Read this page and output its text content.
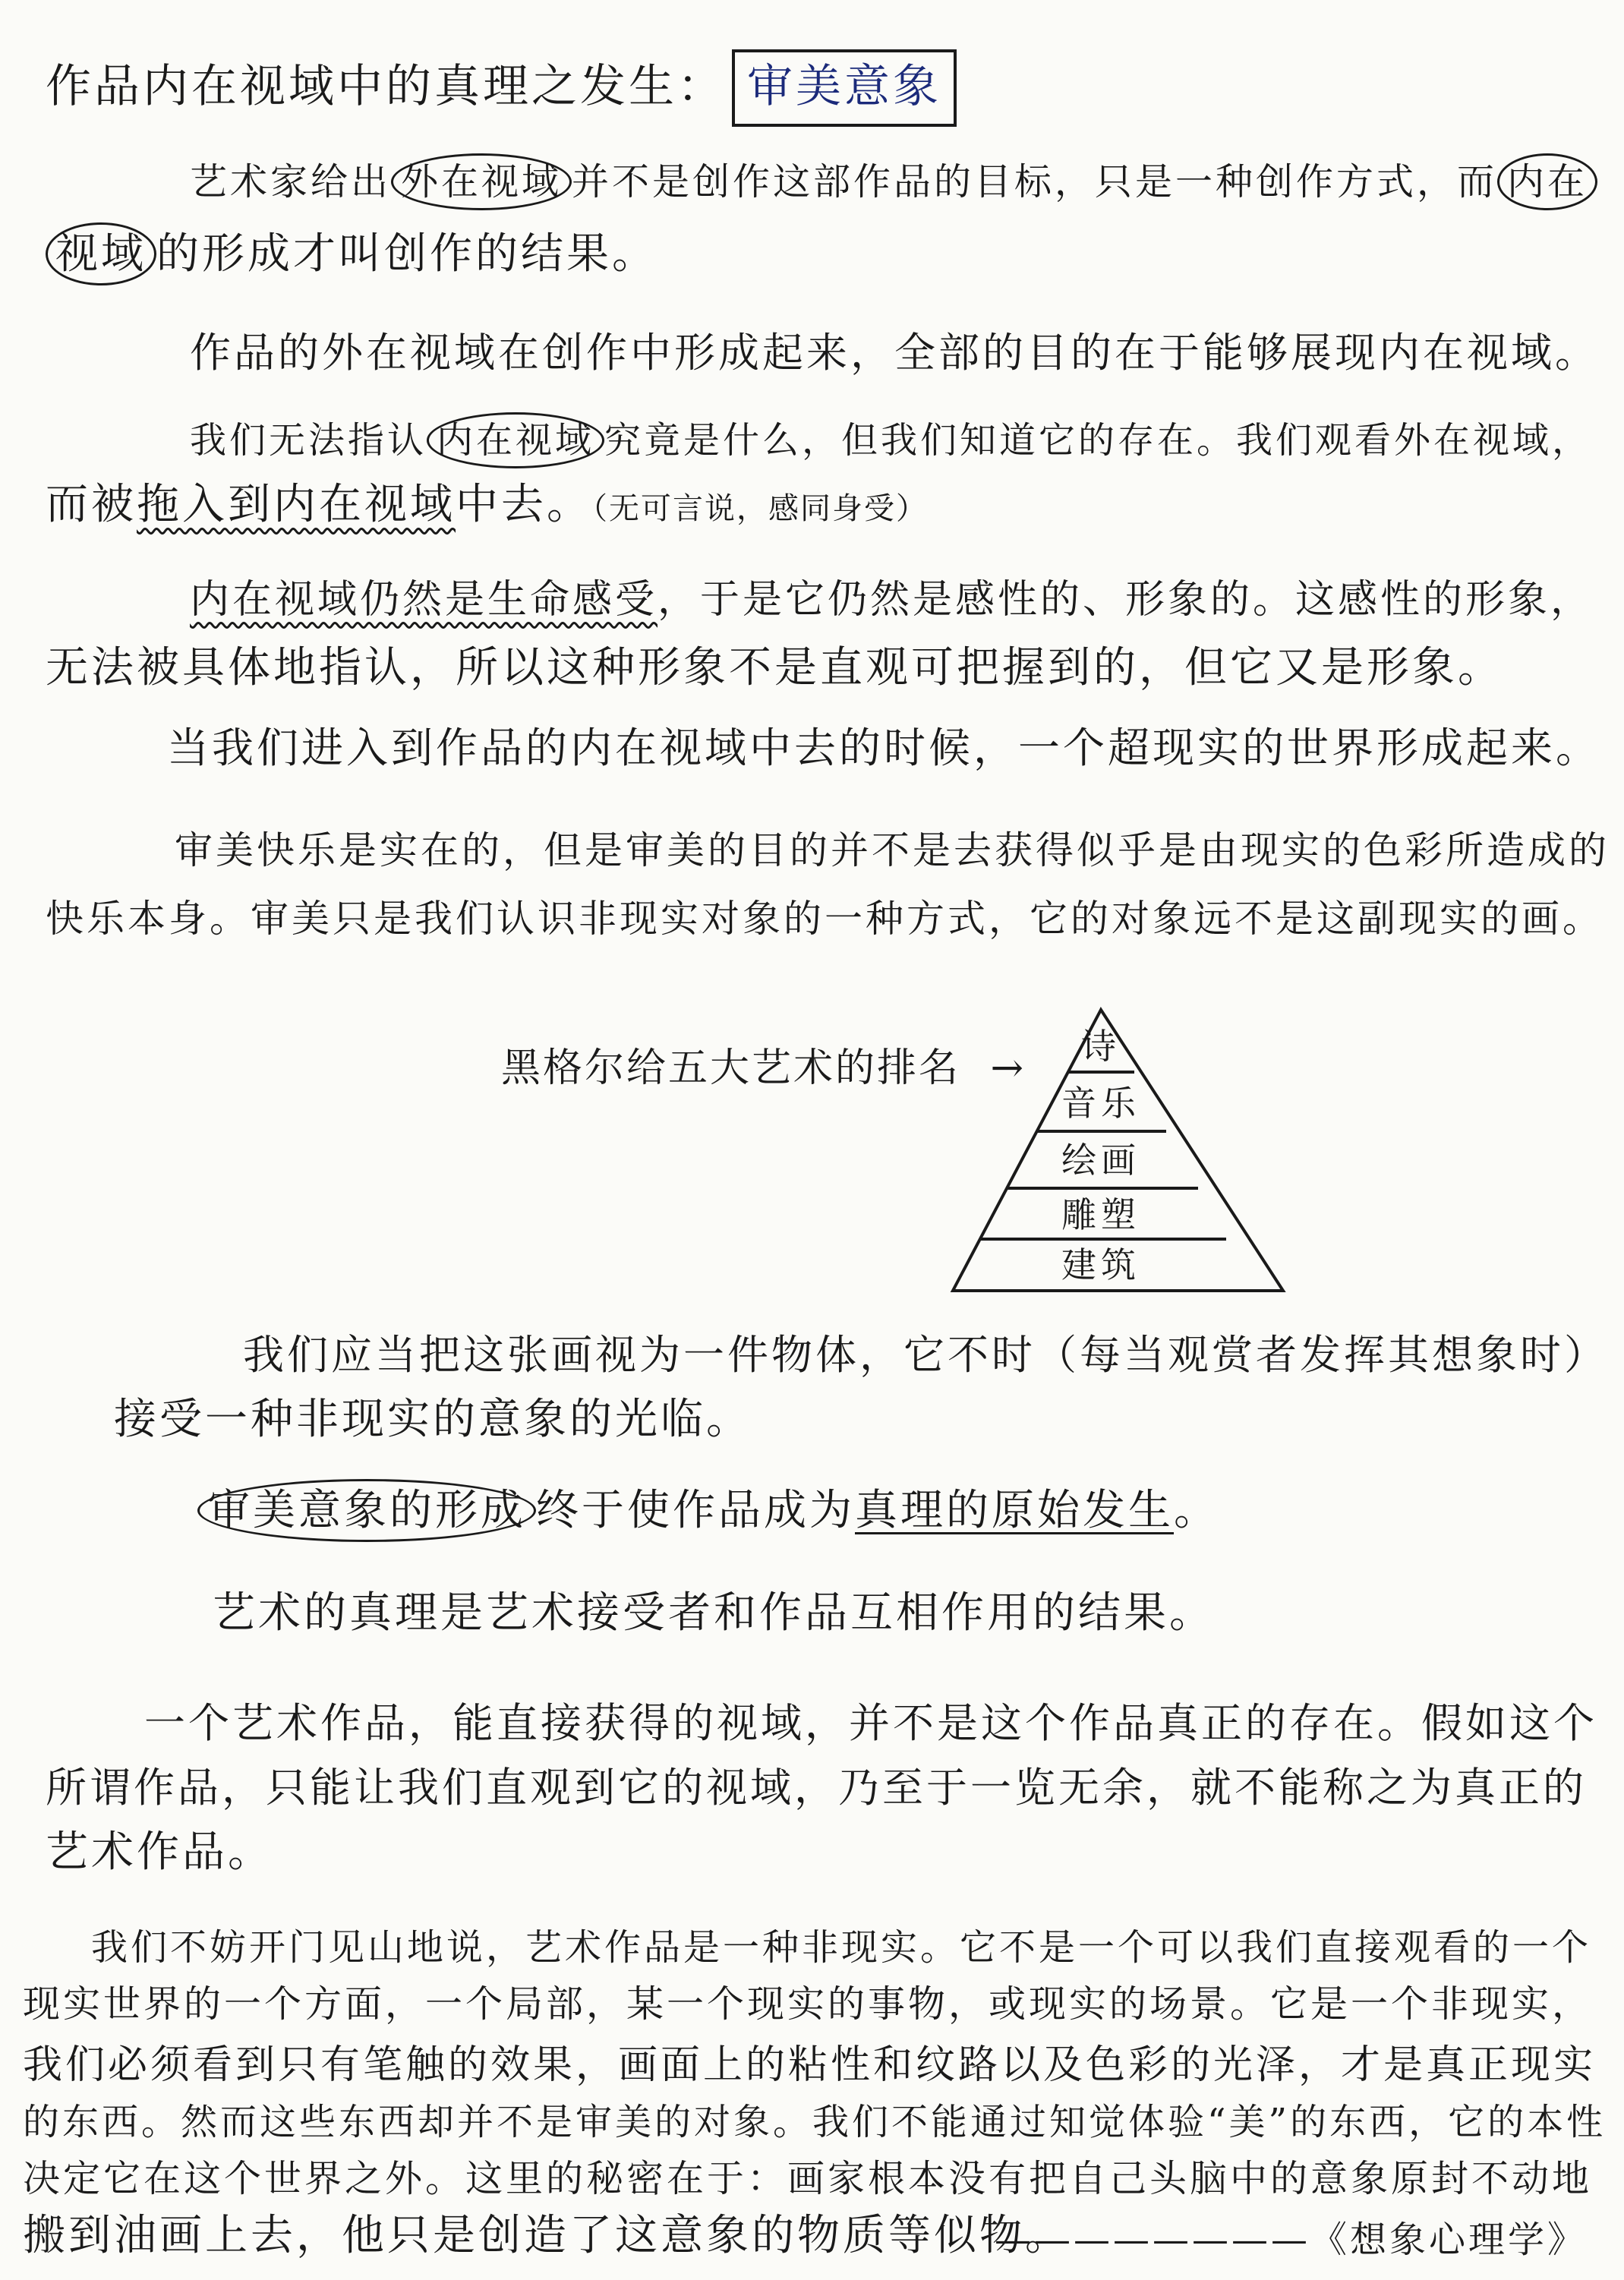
作品内在视域中的真理之发生： 审美意象
艺术家给出 外在视域 并不是创作这部作品的目标，只是一种创作方式，而 内在
视域 的形成才叫创作的结果。
作品的外在视域在创作中形成起来，全部的目的在于能够展现内在视域。
我们无法指认 内在视域 究竟是什么，但我们知道它的存在。我们观看外在视域，
而被拖入到内在视域中去。（无可言说，感同身受）
内在视域仍然是生命感受，于是它仍然是感性的、形象的。这感性的形象，
无法被具体地指认，所以这种形象不是直观可把握到的，但它又是形象。
当我们进入到作品的内在视域中去的时候，一个超现实的世界形成起来。
审美快乐是实在的，但是审美的目的并不是去获得似乎是由现实的色彩所造成的
快乐本身。审美只是我们认识非现实对象的一种方式，它的对象远不是这副现实的画。
黑格尔给五大艺术的排名 →	诗
音乐
绘画
雕塑
建筑
我们应当把这张画视为一件物体，它不时（每当观赏者发挥其想象时）
接受一种非现实的意象的光临。
审美意象的形成 终于使作品成为真理的原始发生。
艺术的真理是艺术接受者和作品互相作用的结果。
一个艺术作品，能直接获得的视域，并不是这个作品真正的存在。假如这个
所谓作品，只能让我们直观到它的视域，乃至于一览无余，就不能称之为真正的
艺术作品。
我们不妨开门见山地说，艺术作品是一种非现实。它不是一个可以我们直接观看的一个
现实世界的一个方面，一个局部，某一个现实的事物，或现实的场景。它是一个非现实，
我们必须看到只有笔触的效果，画面上的粘性和纹路以及色彩的光泽，才是真正现实
的东西。然而这些东西却并不是审美的对象。我们不能通过知觉体验“美”的东西，它的本性
决定它在这个世界之外。这里的秘密在于：画家根本没有把自己头脑中的意象原封不动地
搬到油画上去，他只是创造了这意象的物质等似物。
————————《想象心理学》
